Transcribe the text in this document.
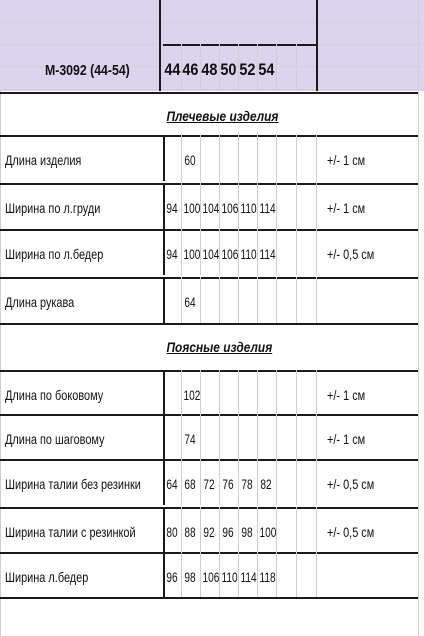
М-3092 (44-54) 44 46 48 50 52 54
Плечевые изделия
Длина изделия	60	+/- 1 см
Ширина по л.груди	94 100 104 106 110 114	+/- 1 см
Ширина по л.бедер	94 100 104 106 110 114	+/- 0,5 см
Длина рукава	64
Поясные изделия
Длина по боковому	102	+/- 1 см
Длина по шаговому	74	+/- 1 см
Ширина талии без резинки 64 68 72 76 78 82	+/- 0,5 см
Ширина талии с резинкой 80 88 92 96 98 100	+/- 0,5 см
Ширина л.бедер	96 98 106 110 114 118
